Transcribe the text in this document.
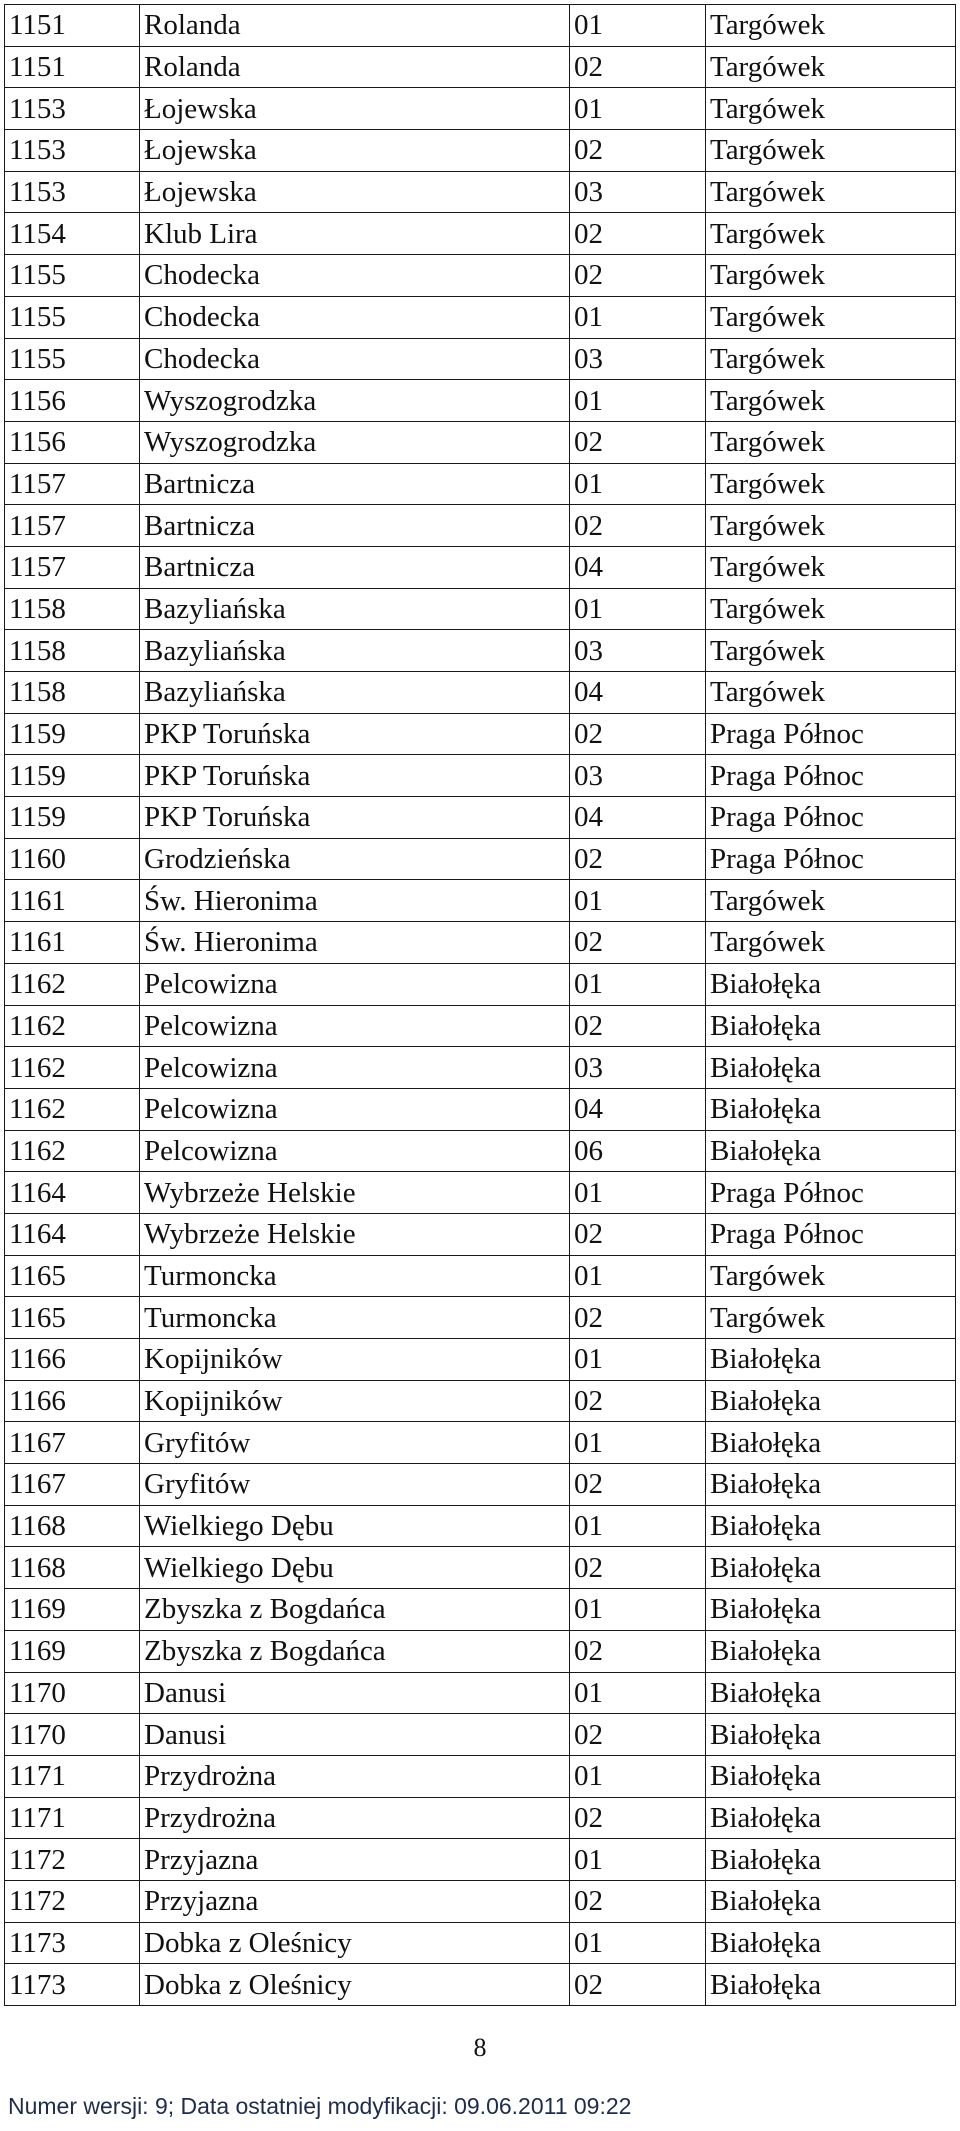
1151	Rolanda	01	Targówek
1151	Rolanda	02	Targówek
1153	Łojewska	01	Targówek
1153	Łojewska	02	Targówek
1153	Łojewska	03	Targówek
1154	Klub Lira	02	Targówek
1155	Chodecka	02	Targówek
1155	Chodecka	01	Targówek
1155	Chodecka	03	Targówek
1156	Wyszogrodzka	01	Targówek
1156	Wyszogrodzka	02	Targówek
1157	Bartnicza	01	Targówek
1157	Bartnicza	02	Targówek
1157	Bartnicza	04	Targówek
1158	Bazyliańska	01	Targówek
1158	Bazyliańska	03	Targówek
1158	Bazyliańska	04	Targówek
1159	PKP Toruńska	02	Praga Północ
1159	PKP Toruńska	03	Praga Północ
1159	PKP Toruńska	04	Praga Północ
1160	Grodzieńska	02	Praga Północ
1161	Św. Hieronima	01	Targówek
1161	Św. Hieronima	02	Targówek
1162	Pelcowizna	01	Białołęka
1162	Pelcowizna	02	Białołęka
1162	Pelcowizna	03	Białołęka
1162	Pelcowizna	04	Białołęka
1162	Pelcowizna	06	Białołęka
1164	Wybrzeże Helskie	01	Praga Północ
1164	Wybrzeże Helskie	02	Praga Północ
1165	Turmoncka	01	Targówek
1165	Turmoncka	02	Targówek
1166	Kopijników	01	Białołęka
1166	Kopijników	02	Białołęka
1167	Gryfitów	01	Białołęka
1167	Gryfitów	02	Białołęka
1168	Wielkiego Dębu	01	Białołęka
1168	Wielkiego Dębu	02	Białołęka
1169	Zbyszka z Bogdańca	01	Białołęka
1169	Zbyszka z Bogdańca	02	Białołęka
1170	Danusi	01	Białołęka
1170	Danusi	02	Białołęka
1171	Przydrożna	01	Białołęka
1171	Przydrożna	02	Białołęka
1172	Przyjazna	01	Białołęka
1172	Przyjazna	02	Białołęka
1173	Dobka z Oleśnicy	01	Białołęka
1173	Dobka z Oleśnicy	02	Białołęka
8
Numer wersji: 9; Data ostatniej modyfikacji: 09.06.2011 09:22
